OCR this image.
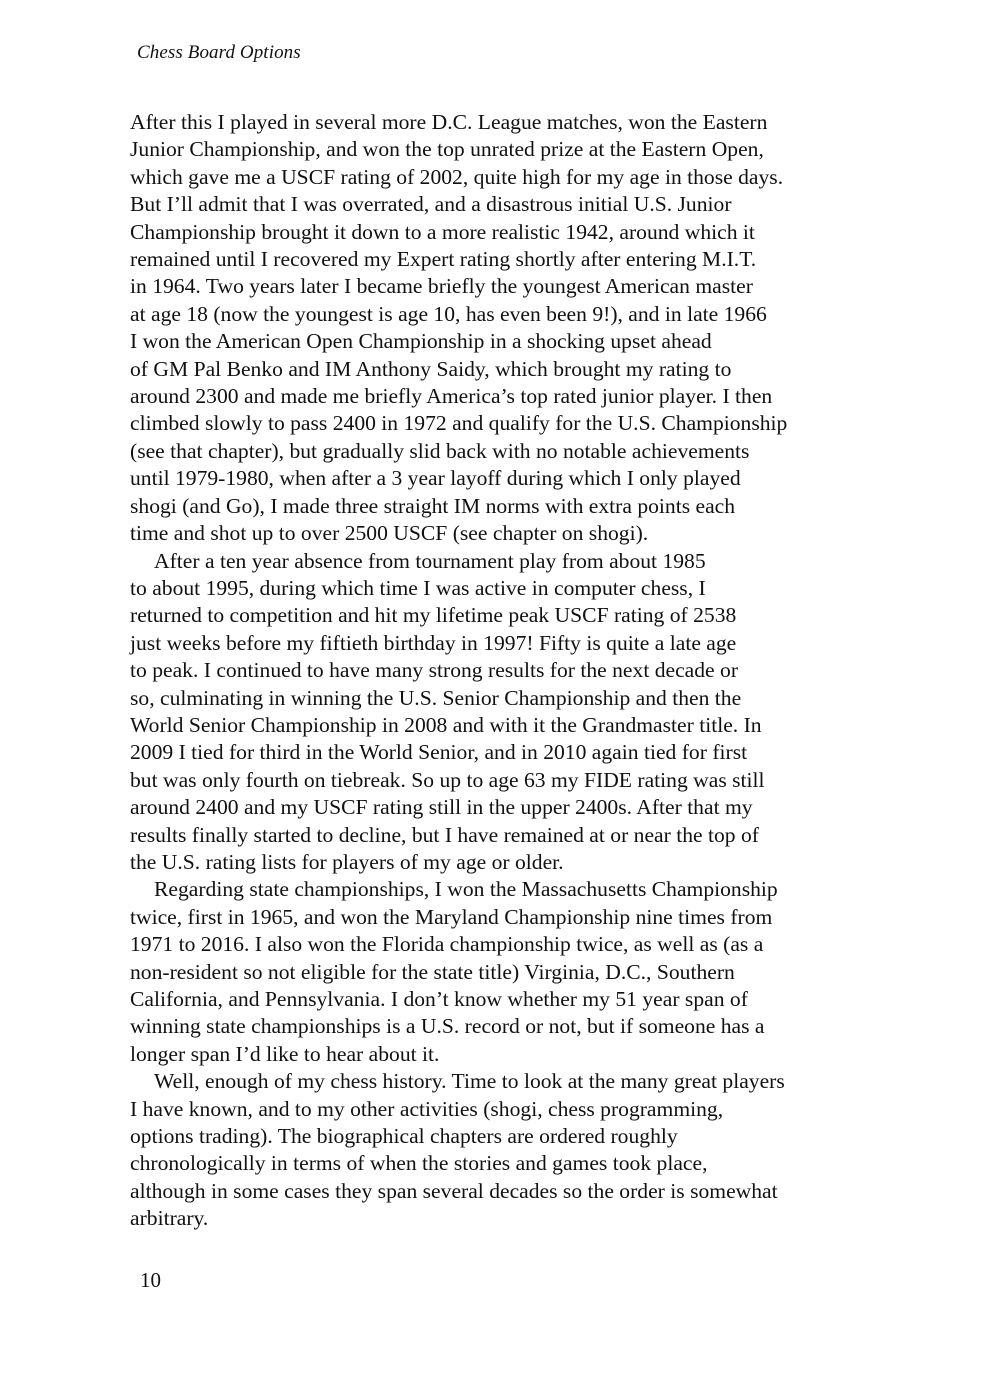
Chess Board Options
After this I played in several more D.C. League matches, won the Eastern
Junior Championship, and won the top unrated prize at the Eastern Open,
which gave me a USCF rating of 2002, quite high for my age in those days.
But I’ll admit that I was overrated, and a disastrous initial U.S. Junior
Championship brought it down to a more realistic 1942, around which it
remained until I recovered my Expert rating shortly after entering M.I.T.
in 1964. Two years later I became briefly the youngest American master
at age 18 (now the youngest is age 10, has even been 9!), and in late 1966
I won the American Open Championship in a shocking upset ahead
of GM Pal Benko and IM Anthony Saidy, which brought my rating to
around 2300 and made me briefly America’s top rated junior player. I then
climbed slowly to pass 2400 in 1972 and qualify for the U.S. Championship
(see that chapter), but gradually slid back with no notable achievements
until 1979-1980, when after a 3 year layoff during which I only played
shogi (and Go), I made three straight IM norms with extra points each
time and shot up to over 2500 USCF (see chapter on shogi).
After a ten year absence from tournament play from about 1985
to about 1995, during which time I was active in computer chess, I
returned to competition and hit my lifetime peak USCF rating of 2538
just weeks before my fiftieth birthday in 1997! Fifty is quite a late age
to peak. I continued to have many strong results for the next decade or
so, culminating in winning the U.S. Senior Championship and then the
World Senior Championship in 2008 and with it the Grandmaster title. In
2009 I tied for third in the World Senior, and in 2010 again tied for first
but was only fourth on tiebreak. So up to age 63 my FIDE rating was still
around 2400 and my USCF rating still in the upper 2400s. After that my
results finally started to decline, but I have remained at or near the top of
the U.S. rating lists for players of my age or older.
Regarding state championships, I won the Massachusetts Championship
twice, first in 1965, and won the Maryland Championship nine times from
1971 to 2016. I also won the Florida championship twice, as well as (as a
non-resident so not eligible for the state title) Virginia, D.C., Southern
California, and Pennsylvania. I don’t know whether my 51 year span of
winning state championships is a U.S. record or not, but if someone has a
longer span I’d like to hear about it.
Well, enough of my chess history. Time to look at the many great players
I have known, and to my other activities (shogi, chess programming,
options trading). The biographical chapters are ordered roughly
chronologically in terms of when the stories and games took place,
although in some cases they span several decades so the order is somewhat
arbitrary.
10
